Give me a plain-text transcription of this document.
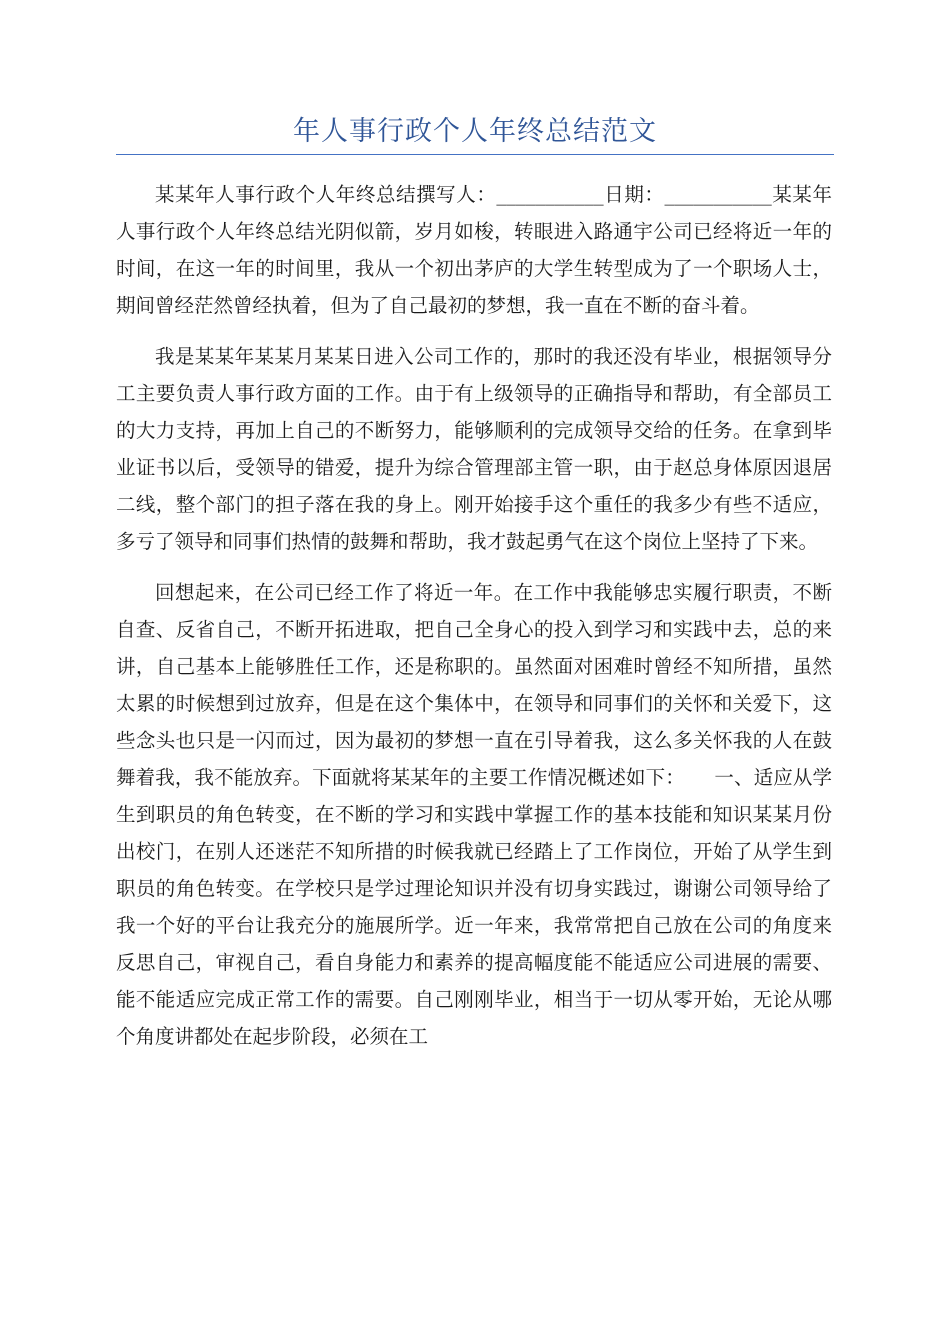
年人事行政个人年终总结范文

某某年人事行政个人年终总结撰写人：___________日期：___________某某年人事行政个人年终总结光阴似箭，岁月如梭，转眼进入路通宇公司已经将近一年的时间，在这一年的时间里，我从一个初出茅庐的大学生转型成为了一个职场人士，期间曾经茫然曾经执着，但为了自己最初的梦想，我一直在不断的奋斗着。

我是某某年某某月某某日进入公司工作的，那时的我还没有毕业，根据领导分工主要负责人事行政方面的工作。由于有上级领导的正确指导和帮助，有全部员工的大力支持，再加上自己的不断努力，能够顺利的完成领导交给的任务。在拿到毕业证书以后，受领导的错爱，提升为综合管理部主管一职，由于赵总身体原因退居二线，整个部门的担子落在我的身上。刚开始接手这个重任的我多少有些不适应，多亏了领导和同事们热情的鼓舞和帮助，我才鼓起勇气在这个岗位上坚持了下来。

回想起来，在公司已经工作了将近一年。在工作中我能够忠实履行职责，不断自查、反省自己，不断开拓进取，把自己全身心的投入到学习和实践中去，总的来讲，自己基本上能够胜任工作，还是称职的。虽然面对困难时曾经不知所措，虽然太累的时候想到过放弃，但是在这个集体中，在领导和同事们的关怀和关爱下，这些念头也只是一闪而过，因为最初的梦想一直在引导着我，这么多关怀我的人在鼓舞着我，我不能放弃。下面就将某某年的主要工作情况概述如下：　　一、适应从学生到职员的角色转变，在不断的学习和实践中掌握工作的基本技能和知识某某月份出校门，在别人还迷茫不知所措的时候我就已经踏上了工作岗位，开始了从学生到职员的角色转变。在学校只是学过理论知识并没有切身实践过，谢谢公司领导给了我一个好的平台让我充分的施展所学。近一年来，我常常把自己放在公司的角度来反思自己，审视自己，看自身能力和素养的提高幅度能不能适应公司进展的需要、能不能适应完成正常工作的需要。自己刚刚毕业，相当于一切从零开始，无论从哪个角度讲都处在起步阶段，必须在工
